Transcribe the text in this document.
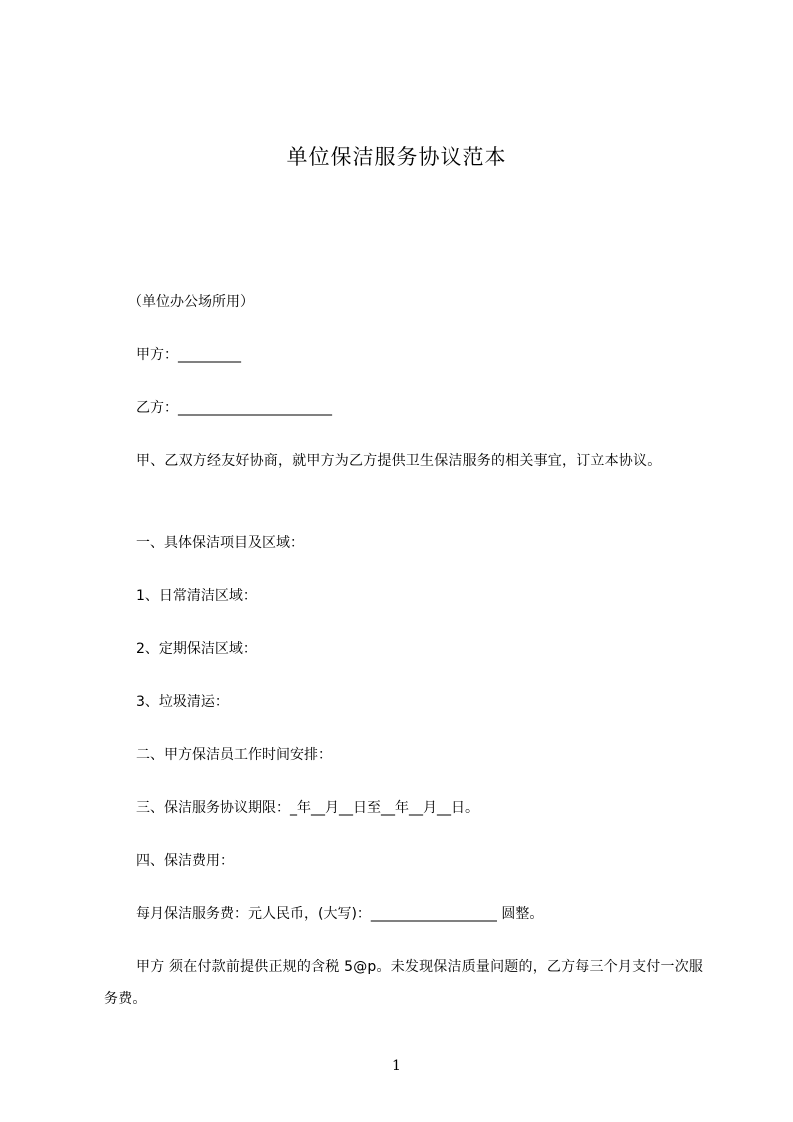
单位保洁服务协议范本
（单位办公场所用）
甲方：_________
乙方：______________________
甲、乙双方经友好协商，就甲方为乙方提供卫生保洁服务的相关事宜，订立本协议。
一、具体保洁项目及区域：
1、日常清洁区域：
2、定期保洁区域：
3、垃圾清运：
二、甲方保洁员工作时间安排：
三、保洁服务协议期限：_年__月__日至__年__月__日。
四、保洁费用：
每月保洁服务费：元人民币，(大写)：__________________ 圆整。
甲方 须在付款前提供正规的含税 5@p。未发现保洁质量问题的，乙方每三个月支付一次服务费。
1
